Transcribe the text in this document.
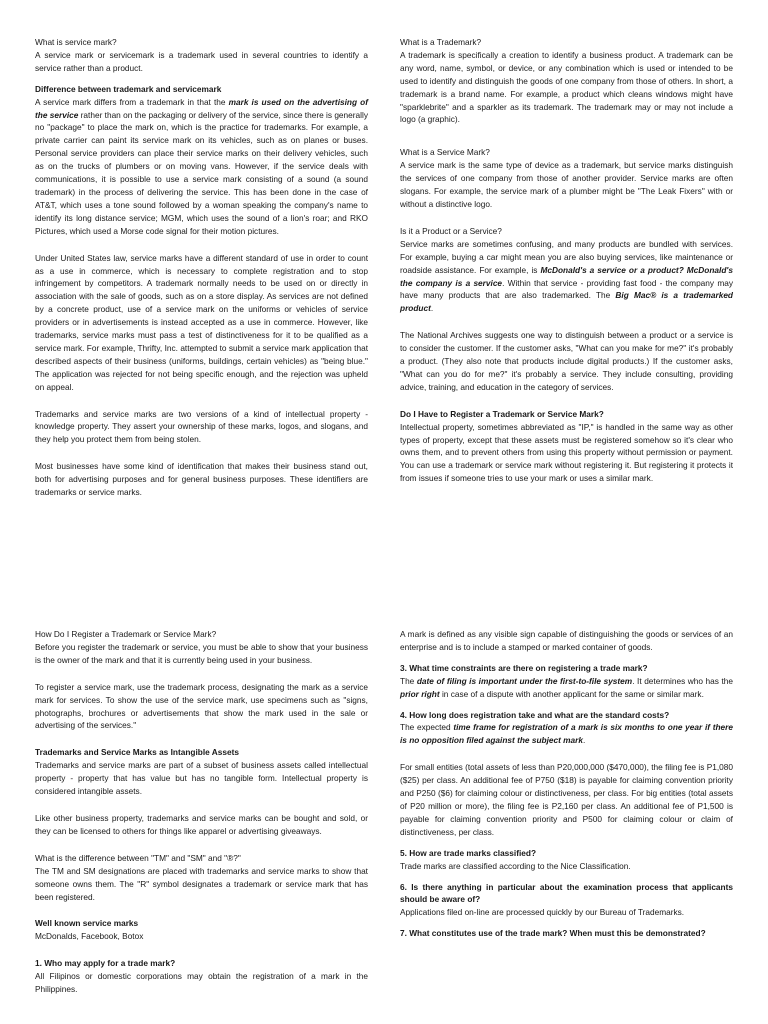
What is service mark?
A service mark or servicemark is a trademark used in several countries to identify a service rather than a product.

Difference between trademark and servicemark
A service mark differs from a trademark in that the mark is used on the advertising of the service rather than on the packaging or delivery of the service, since there is generally no "package" to place the mark on, which is the practice for trademarks. For example, a private carrier can paint its service mark on its vehicles, such as on planes or buses. Personal service providers can place their service marks on their delivery vehicles, such as on the trucks of plumbers or on moving vans. However, if the service deals with communications, it is possible to use a service mark consisting of a sound (a sound trademark) in the process of delivering the service. This has been done in the case of AT&T, which uses a tone sound followed by a woman speaking the company's name to identify its long distance service; MGM, which uses the sound of a lion's roar; and RKO Pictures, which used a Morse code signal for their motion pictures.

Under United States law, service marks have a different standard of use in order to count as a use in commerce, which is necessary to complete registration and to stop infringement by competitors. A trademark normally needs to be used on or directly in association with the sale of goods, such as on a store display. As services are not defined by a concrete product, use of a service mark on the uniforms or vehicles of service providers or in advertisements is instead accepted as a use in commerce. However, like trademarks, service marks must pass a test of distinctiveness for it to be qualified as a service mark. For example, Thrifty, Inc. attempted to submit a service mark application that described aspects of their business (uniforms, buildings, certain vehicles) as "being blue." The application was rejected for not being specific enough, and the rejection was upheld on appeal.

Trademarks and service marks are two versions of a kind of intellectual property - knowledge property. They assert your ownership of these marks, logos, and slogans, and they help you protect them from being stolen.

Most businesses have some kind of identification that makes their business stand out, both for advertising purposes and for general business purposes. These identifiers are trademarks or service marks.

What is a Trademark?
A trademark is specifically a creation to identify a business product. A trademark can be any word, name, symbol, or device, or any combination which is used or intended to be used to identify and distinguish the goods of one company from those of others. In short, a trademark is a brand name. For example, a product which cleans windows might have "sparklebrite" and a sparkler as its trademark. The trademark may or may not include a logo (a graphic).

What is a Service Mark?
A service mark is the same type of device as a trademark, but service marks distinguish the services of one company from those of another provider. Service marks are often slogans. For example, the service mark of a plumber might be "The Leak Fixers" with or without a distinctive logo.

Is it a Product or a Service?
Service marks are sometimes confusing, and many products are bundled with services. For example, buying a car might mean you are also buying services, like maintenance or roadside assistance. For example, is McDonald's a service or a product? McDonald's the company is a service. Within that service - providing fast food - the company may have many products that are also trademarked. The Big Mac® is a trademarked product.

The National Archives suggests one way to distinguish between a product or a service is to consider the customer. If the customer asks, "What can you make for me?" it's probably a product. (They also note that products include digital products.) If the customer asks, "What can you do for me?" it's probably a service. They include consulting, providing advice, training, and education in the category of services.

Do I Have to Register a Trademark or Service Mark?
Intellectual property, sometimes abbreviated as "IP," is handled in the same way as other types of property, except that these assets must be registered somehow so it's clear who owns them, and to prevent others from using this property without permission or payment. You can use a trademark or service mark without registering it. But registering it protects it from issues if someone tries to use your mark or uses a similar mark.

How Do I Register a Trademark or Service Mark?
Before you register the trademark or service, you must be able to show that your business is the owner of the mark and that it is currently being used in your business.

To register a service mark, use the trademark process, designating the mark as a service mark for services. To show the use of the service mark, use specimens such as "signs, photographs, brochures or advertisements that show the mark used in the sale or advertising of the services."

Trademarks and Service Marks as Intangible Assets
Trademarks and service marks are part of a subset of business assets called intellectual property - property that has value but has no tangible form. Intellectual property is considered intangible assets.

Like other business property, trademarks and service marks can be bought and sold, or they can be licensed to others for things like apparel or advertising giveaways.

What is the difference between "TM" and "SM" and "®?"
The TM and SM designations are placed with trademarks and service marks to show that someone owns them. The "R" symbol designates a trademark or service mark that has been registered.

Well known service marks
McDonalds, Facebook, Botox

1. Who may apply for a trade mark?
All Filipinos or domestic corporations may obtain the registration of a mark in the Philippines.

A mark is defined as any visible sign capable of distinguishing the goods or services of an enterprise and is to include a stamped or marked container of goods.

3. What time constraints are there on registering a trade mark?
The date of filing is important under the first-to-file system. It determines who has the prior right in case of a dispute with another applicant for the same or similar mark.

4. How long does registration take and what are the standard costs?
The expected time frame for registration of a mark is six months to one year if there is no opposition filed against the subject mark.

For small entities (total assets of less than P20,000,000 ($470,000), the filing fee is P1,080 ($25) per class. An additional fee of P750 ($18) is payable for claiming convention priority and P250 ($6) for claiming colour or distinctiveness, per class. For big entities (total assets of P20 million or more), the filing fee is P2,160 per class. An additional fee of P1,500 is payable for claiming convention priority and P500 for claiming colour or claim of distinctiveness, per class.

5. How are trade marks classified?
Trade marks are classified according to the Nice Classification.

6. Is there anything in particular about the examination process that applicants should be aware of?
Applications filed on-line are processed quickly by our Bureau of Trademarks.

7. What constitutes use of the trade mark? When must this be demonstrated?
